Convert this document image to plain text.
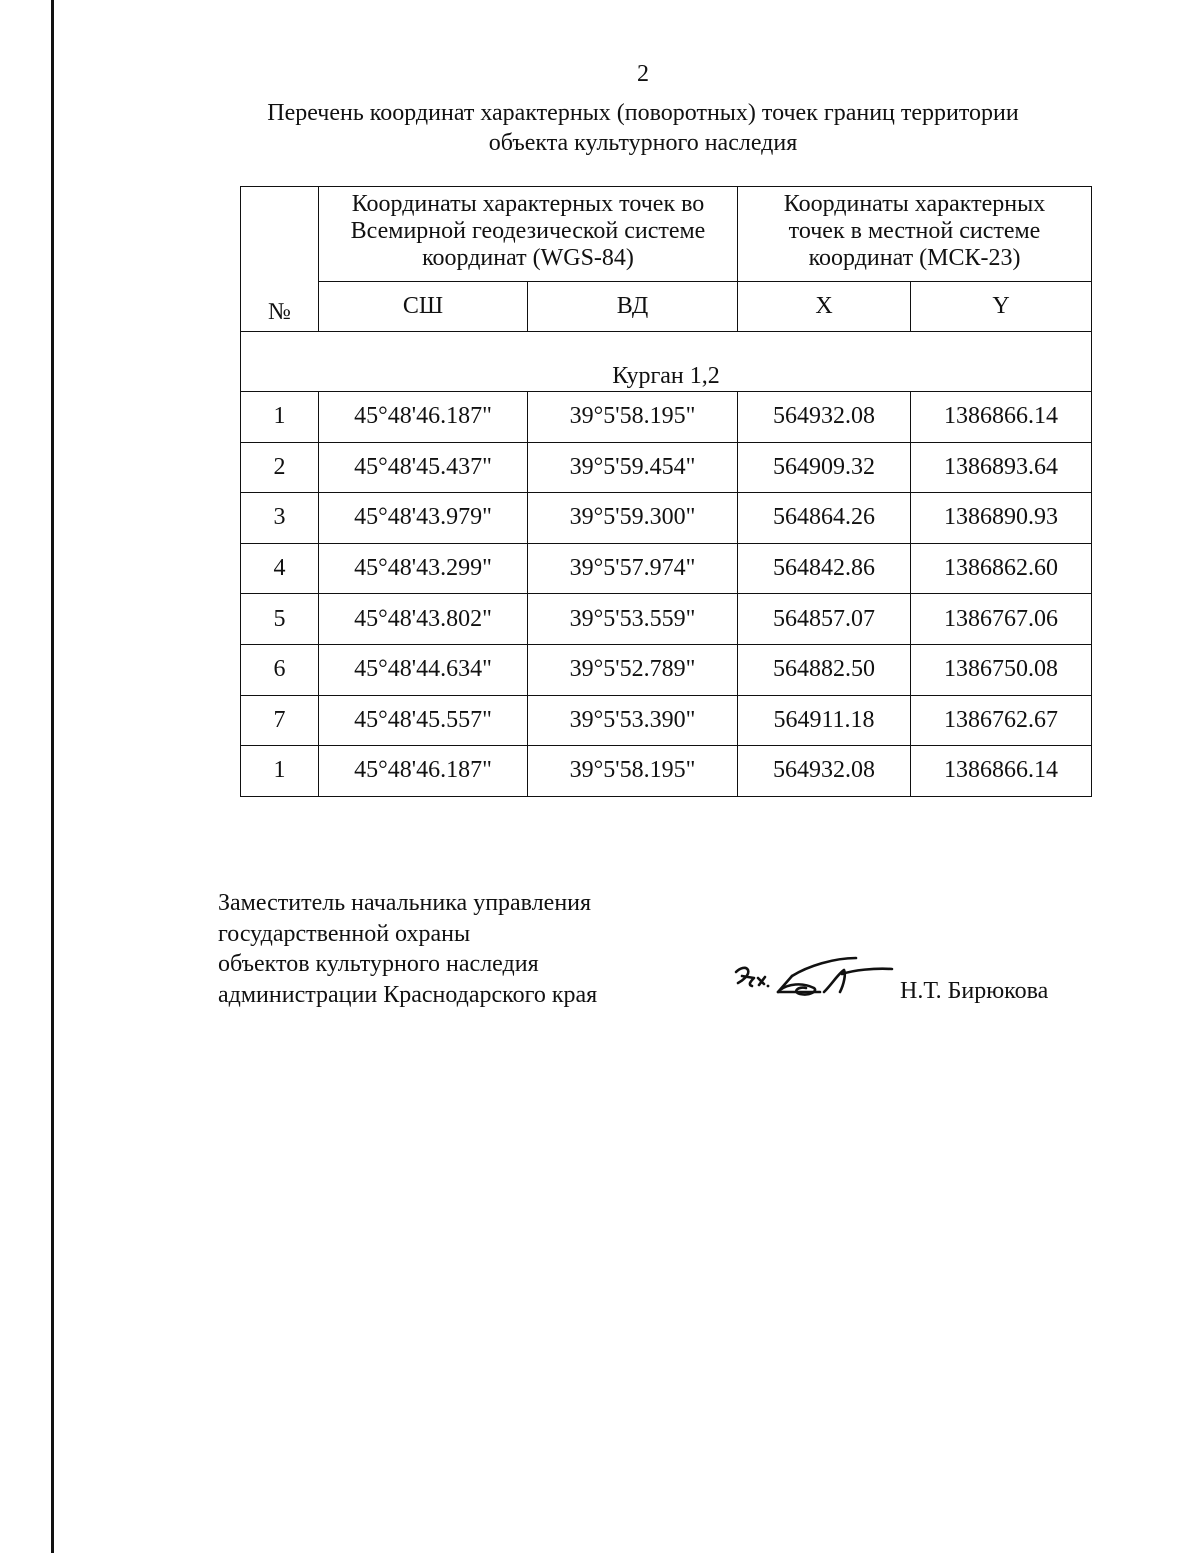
2
Перечень координат характерных (поворотных) точек границ территории
объекта культурного наследия
№	Координаты характерных точек во
Всемирной геодезической системе
координат (WGS-84)		Координаты характерных
точек в местной системе
координат (МСК-23)	

	СШ	ВД	X	Y
Курган 1,2				
1	45°48'46.187"	39°5'58.195"	564932.08	1386866.14
2	45°48'45.437"	39°5'59.454"	564909.32	1386893.64
3	45°48'43.979"	39°5'59.300"	564864.26	1386890.93
4	45°48'43.299"	39°5'57.974"	564842.86	1386862.60
5	45°48'43.802"	39°5'53.559"	564857.07	1386767.06
6	45°48'44.634"	39°5'52.789"	564882.50	1386750.08
7	45°48'45.557"	39°5'53.390"	564911.18	1386762.67
1	45°48'46.187"	39°5'58.195"	564932.08	1386866.14
Заместитель начальника управления
государственной охраны
объектов культурного наследия
администрации Краснодарского края	Н.Т. Бирюкова
